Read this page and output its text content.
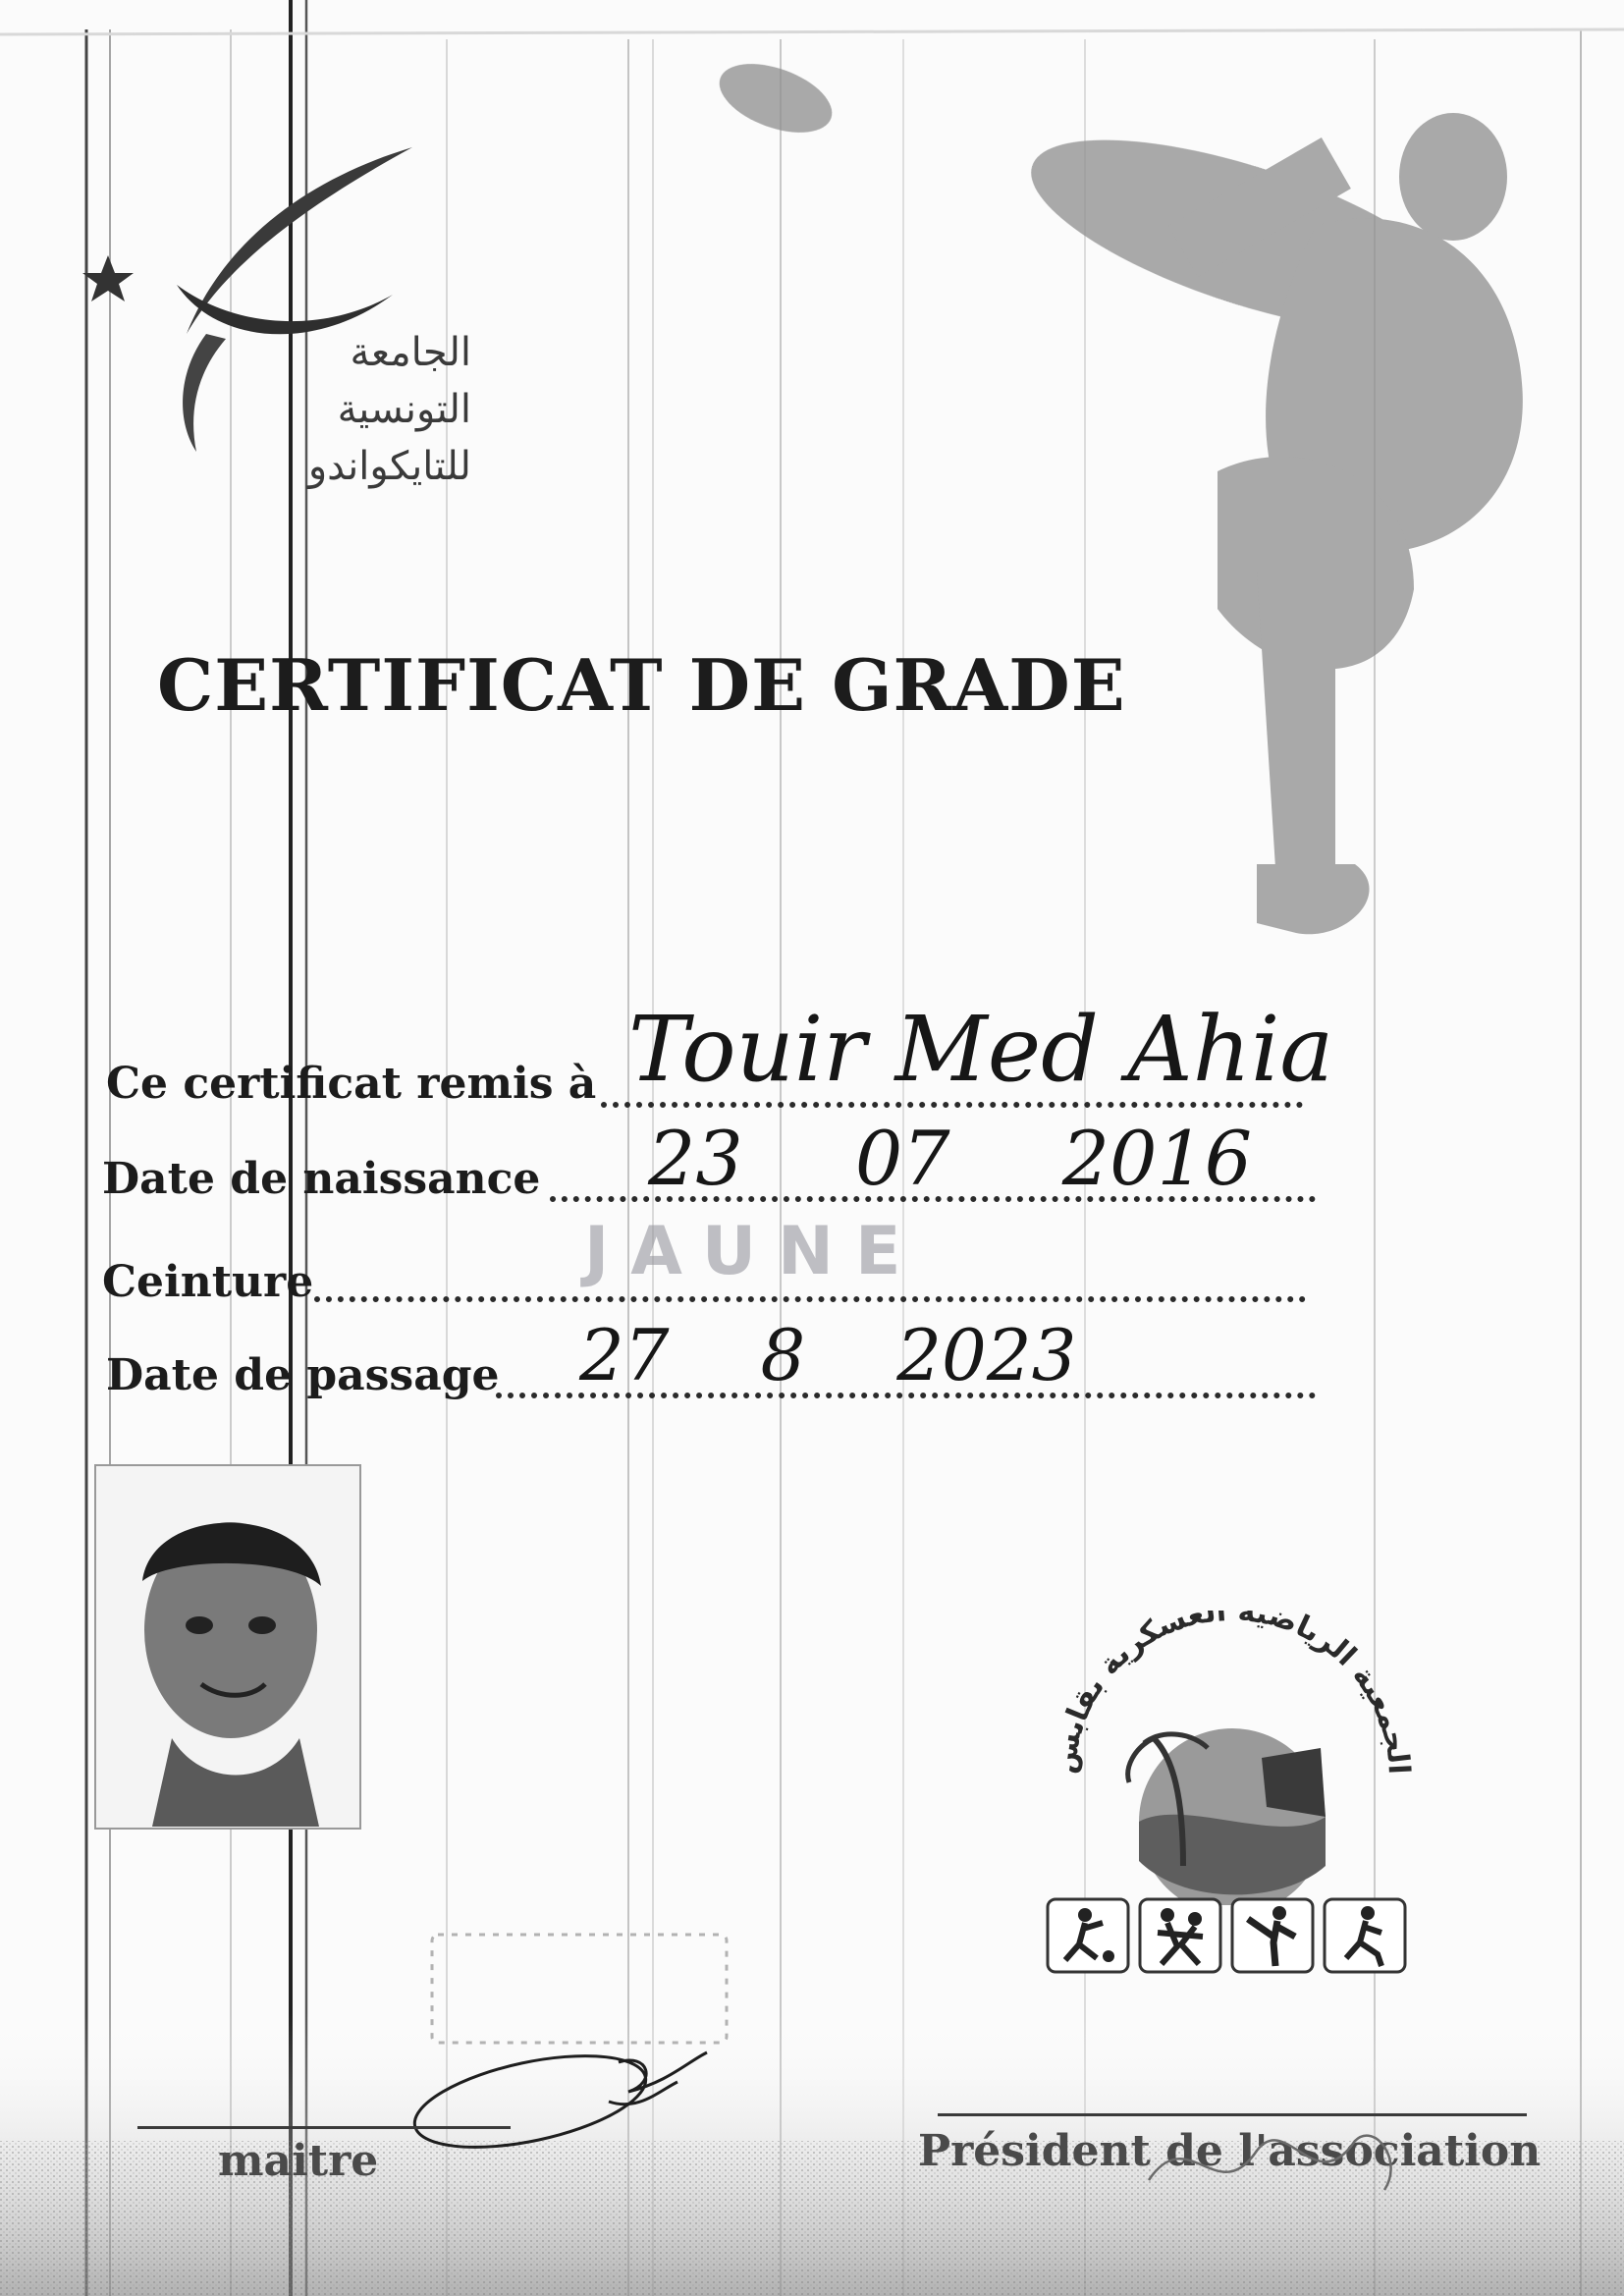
الجامعة
التونسية
للتايكواندو
CERTIFICAT DE GRADE
Ce certificat remis à Touir Med Ahia
Date de naissance 23 07 2016
Ceinture	JAUNE
Date de passage 27 8 2023
الجمعية الرياضية العسكرية بقابس
maitre	Président de l'association
